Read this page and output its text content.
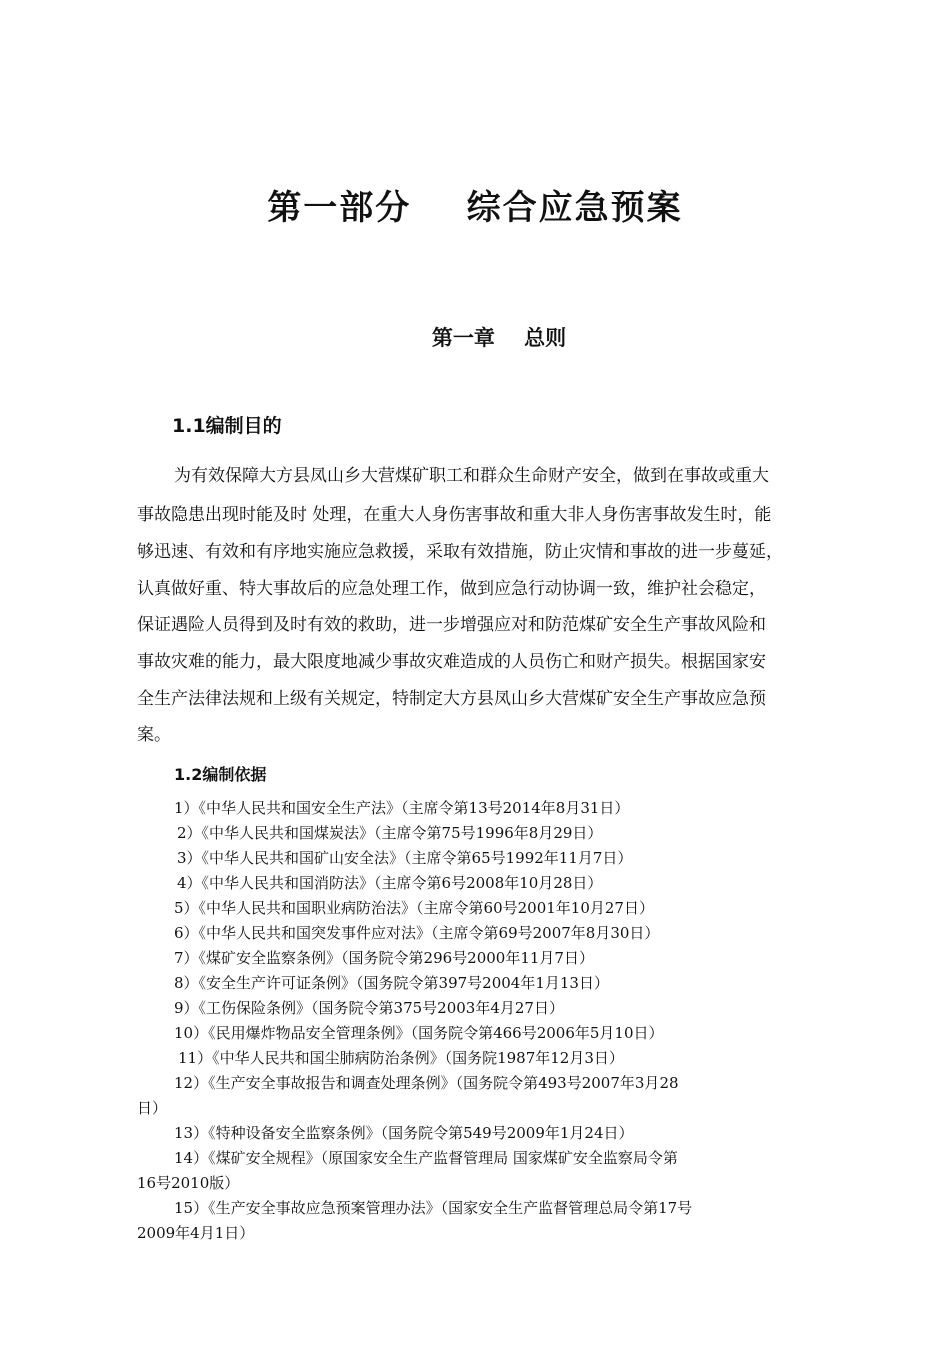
第一部分    综合应急预案
第一章    总则
1.1编制目的
为有效保障大方县凤山乡大营煤矿职工和群众生命财产安全，做到在事故或重大
事故隐患出现时能及时 处理，在重大人身伤害事故和重大非人身伤害事故发生时，能
够迅速、有效和有序地实施应急救援，采取有效措施，防止灾情和事故的进一步蔓延，
认真做好重、特大事故后的应急处理工作，做到应急行动协调一致，维护社会稳定，
保证遇险人员得到及时有效的救助，进一步增强应对和防范煤矿安全生产事故风险和
事故灾难的能力，最大限度地减少事故灾难造成的人员伤亡和财产损失。根据国家安
全生产法律法规和上级有关规定，特制定大方县凤山乡大营煤矿安全生产事故应急预
案。
1.2编制依据
1）《中华人民共和国安全生产法》（主席令第13号2014年8月31日）
2）《中华人民共和国煤炭法》（主席令第75号1996年8月29日）
3）《中华人民共和国矿山安全法》（主席令第65号1992年11月7日）
4）《中华人民共和国消防法》（主席令第6号2008年10月28日）
5）《中华人民共和国职业病防治法》（主席令第60号2001年10月27日）
6）《中华人民共和国突发事件应对法》（主席令第69号2007年8月30日）
7）《煤矿安全监察条例》（国务院令第296号2000年11月7日）
8）《安全生产许可证条例》（国务院令第397号2004年1月13日）
9）《工伤保险条例》（国务院令第375号2003年4月27日）
10）《民用爆炸物品安全管理条例》（国务院令第466号2006年5月10日）
11）《中华人民共和国尘肺病防治条例》（国务院1987年12月3日）
12）《生产安全事故报告和调查处理条例》（国务院令第493号2007年3月28
日）
13）《特种设备安全监察条例》（国务院令第549号2009年1月24日）
14）《煤矿安全规程》（原国家安全生产监督管理局 国家煤矿安全监察局令第
16号2010版）
15）《生产安全事故应急预案管理办法》（国家安全生产监督管理总局令第17号
2009年4月1日）
